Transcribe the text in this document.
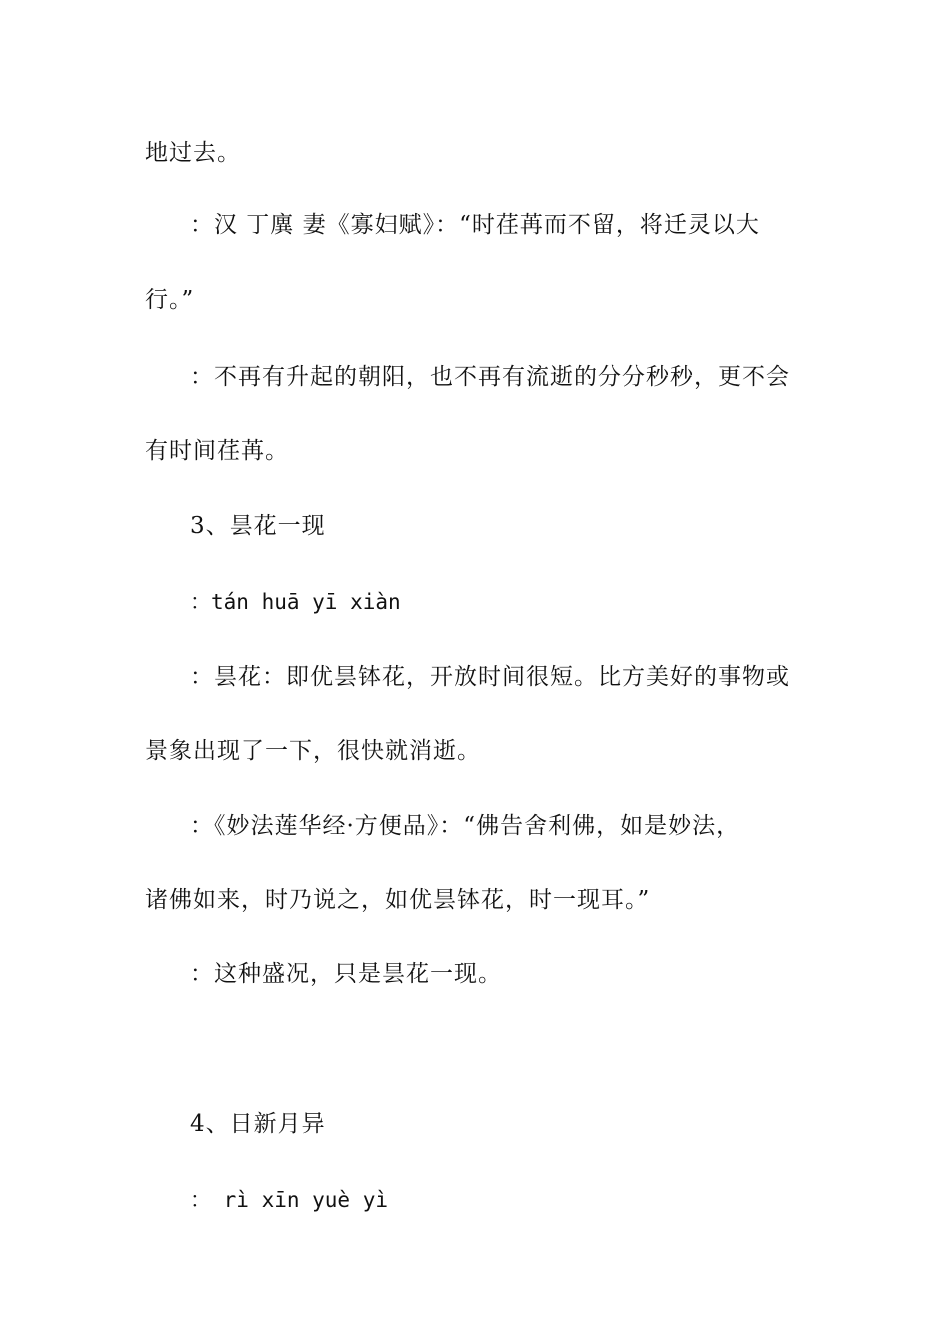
地过去。
：汉 丁廙 妻《寡妇赋》：“时荏苒而不留，将迁灵以大
行。”
：不再有升起的朝阳，也不再有流逝的分分秒秒，更不会
有时间荏苒。
3、昙花一现
：tán huā yī xiàn
：昙花：即优昙钵花，开放时间很短。比方美好的事物或
景象出现了一下，很快就消逝。
：《妙法莲华经·方便品》：“佛告舍利佛，如是妙法，
诸佛如来，时乃说之，如优昙钵花，时一现耳。”
：这种盛况，只是昙花一现。
4、日新月异
： rì xīn yuè yì
